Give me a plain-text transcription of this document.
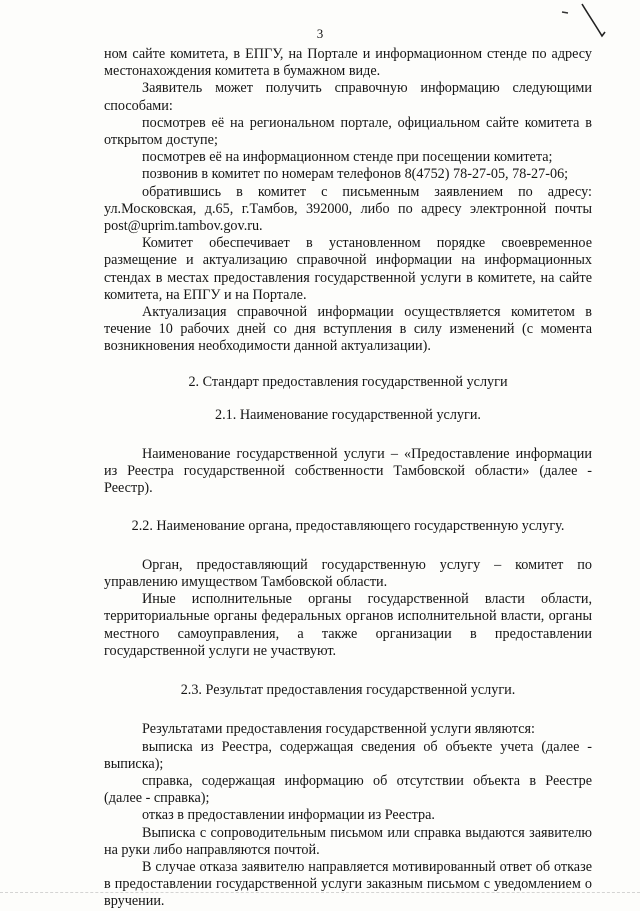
3

ном сайте комитета, в ЕПГУ, на Портале и информационном стенде по адресу местонахождения комитета в бумажном виде.

Заявитель может получить справочную информацию следующими способами:

посмотрев её на региональном портале, официальном сайте комитета в открытом доступе;

посмотрев её на информационном стенде при посещении комитета;

позвонив в комитет по номерам телефонов 8(4752) 78-27-05, 78-27-06;

обратившись в комитет с письменным заявлением по адресу: ул.Московская, д.65, г.Тамбов, 392000, либо по адресу электронной почты post@uprim.tambov.gov.ru.

Комитет обеспечивает в установленном порядке своевременное размещение и актуализацию справочной информации на информационных стендах в местах предоставления государственной услуги в комитете, на сайте комитета, на ЕПГУ и на Портале.

Актуализация справочной информации осуществляется комитетом в течение 10 рабочих дней со дня вступления в силу изменений (с момента возникновения необходимости данной актуализации).

2. Стандарт предоставления государственной услуги

2.1. Наименование государственной услуги.

Наименование государственной услуги – «Предоставление информации из Реестра государственной собственности Тамбовской области» (далее - Реестр).

2.2. Наименование органа, предоставляющего государственную услугу.

Орган, предоставляющий государственную услугу – комитет по управлению имуществом Тамбовской области.

Иные исполнительные органы государственной власти области, территориальные органы федеральных органов исполнительной власти, органы местного самоуправления, а также организации в предоставлении государственной услуги не участвуют.

2.3. Результат предоставления государственной услуги.

Результатами предоставления государственной услуги являются:

выписка из Реестра, содержащая сведения об объекте учета (далее - выписка);

справка, содержащая информацию об отсутствии объекта в Реестре (далее - справка);

отказ в предоставлении информации из Реестра.

Выписка с сопроводительным письмом или справка выдаются заявителю на руки либо направляются почтой.

В случае отказа заявителю направляется мотивированный ответ об отказе в предоставлении государственной услуги заказным письмом с уведомлением о вручении.
